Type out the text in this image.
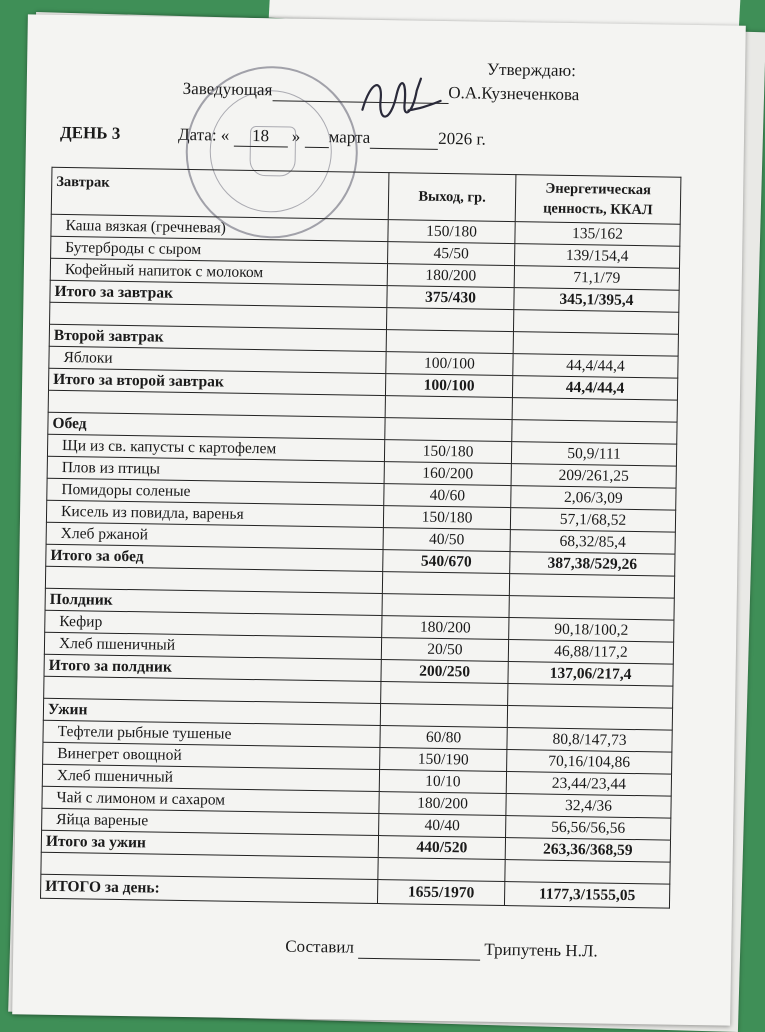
Утверждаю:
Заведующая	О.А.Кузнеченкова
ДЕНЬ 3	Дата: « 18 » марта	2026 г.
Завтрак	Выход, гр.	Энергетическая
ценность, ККАЛ

Каша вязкая (гречневая)	150/180	135/162
Бутерброды с сыром	45/50	139/154,4
Кофейный напиток с молоком	180/200	71,1/79
Итого за завтрак	375/430	345,1/395,4

Второй завтрак		
Яблоки	100/100	44,4/44,4
Итого за второй завтрак	100/100	44,4/44,4

Обед		
Щи из св. капусты с картофелем	150/180	50,9/111
Плов из птицы	160/200	209/261,25
Помидоры соленые	40/60	2,06/3,09
Кисель из повидла, варенья	150/180	57,1/68,52
Хлеб ржаной	40/50	68,32/85,4
Итого за обед	540/670	387,38/529,26

Полдник		
Кефир	180/200	90,18/100,2
Хлеб пшеничный	20/50	46,88/117,2
Итого за полдник	200/250	137,06/217,4

Ужин		
Тефтели рыбные тушеные	60/80	80,8/147,73
Винегрет овощной	150/190	70,16/104,86
Хлеб пшеничный	10/10	23,44/23,44
Чай с лимоном и сахаром	180/200	32,4/36
Яйца вареные	40/40	56,56/56,56
Итого за ужин	440/520	263,36/368,59

ИТОГО за день:	1655/1970	1177,3/1555,05
Составил	Трипутень Н.Л.
